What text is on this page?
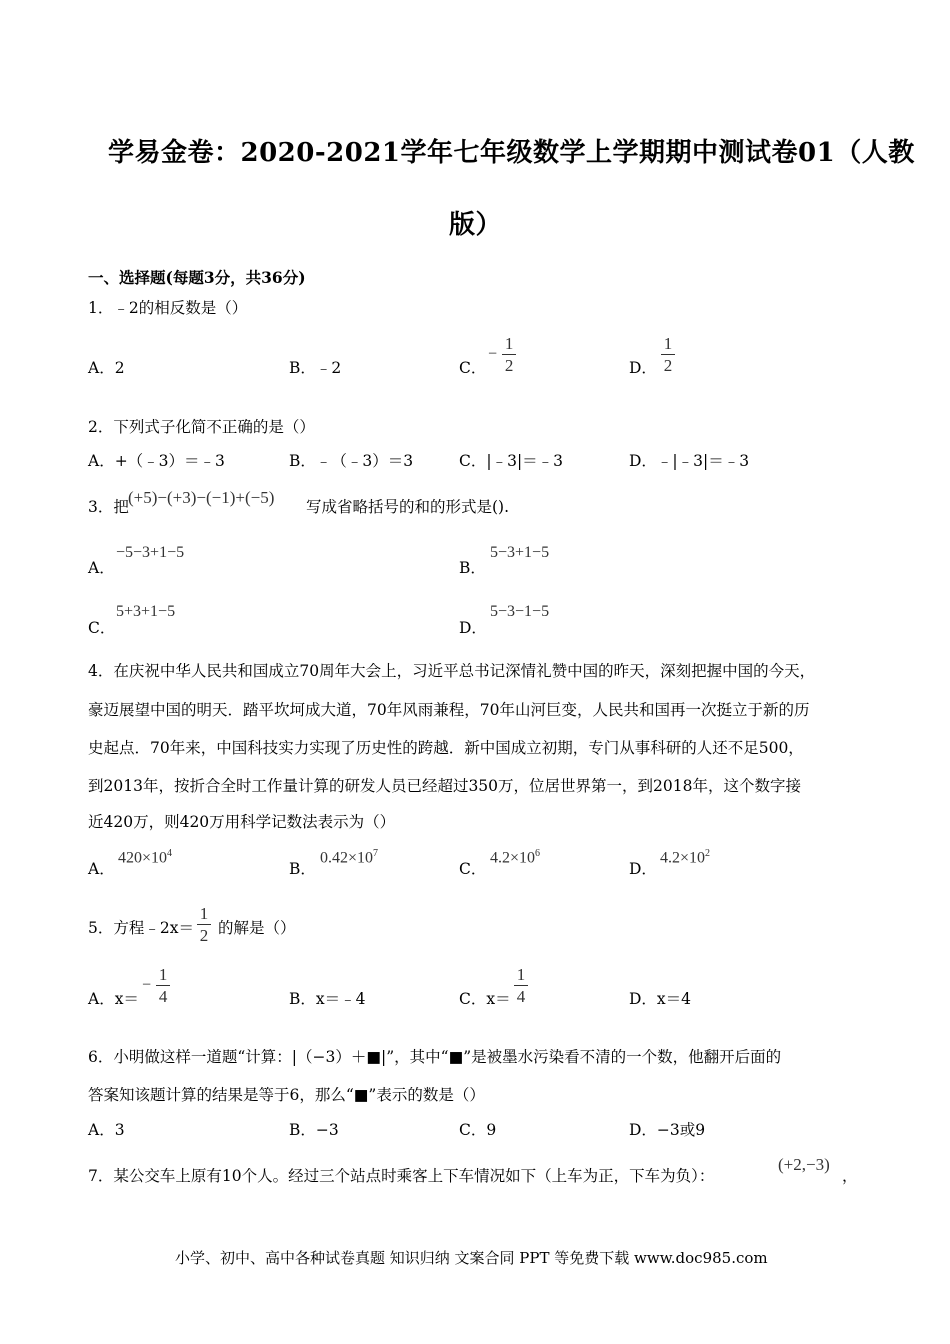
学易金卷：2020-2021学年七年级数学上学期期中测试卷01（人教
版）
一、选择题(每题3分，共36分)
1．﹣2的相反数是（）
A．2	B．﹣2	C．
− $\frac{1}{2}$	D． $\frac{1}{2}$
2．下列式子化简不正确的是（）
A．+（﹣3）＝﹣3	B．﹣（﹣3）＝3	C．|﹣3|＝﹣3	D．﹣|﹣3|＝﹣3
3．把 (+5)−(+3)−(−1)+(−5) 写成省略括号的和的形式是().
A．
−5−3+1−5
B．
5−3+1−5
C．
5+3+1−5
D．
5−3−1−5
4．在庆祝中华人民共和国成立70周年大会上，习近平总书记深情礼赞中国的昨天，深刻把握中国的今天，
豪迈展望中国的明天．踏平坎坷成大道，70年风雨兼程，70年山河巨变，人民共和国再一次挺立于新的历
史起点．70年来，中国科技实力实现了历史性的跨越．新中国成立初期，专门从事科研的人还不足500，
到2013年，按折合全时工作量计算的研发人员已经超过350万，位居世界第一，到2018年，这个数字接
近420万，则420万用科学记数法表示为（）
A．
$420\times 10^4$
B．
$0.42\times 10^7$
C．
$4.2\times 10^6$
D．
$4.2\times 10^2$
5．方程﹣2x＝ $\frac{1}{2}$ 的解是（）
A．x＝
− $\frac{1}{4}$	B．x＝﹣4	C．$x= \frac{1}{4}$	D．x＝4
6．小明做这样一道题“计算：|（−3）＋■|”，其中“■”是被墨水污染看不清的一个数，他翻开后面的
答案知该题计算的结果是等于6，那么“■”表示的数是（）
A．3	B．−3	C．9	D．−3或9
7．某公交车上原有10个人。经过三个站点时乘客上下车情况如下（上车为正，下车为负）：
(+2,−3)
，
小学、初中、高中各种试卷真题 知识归纳 文案合同 PPT 等免费下载 www.doc985.com
